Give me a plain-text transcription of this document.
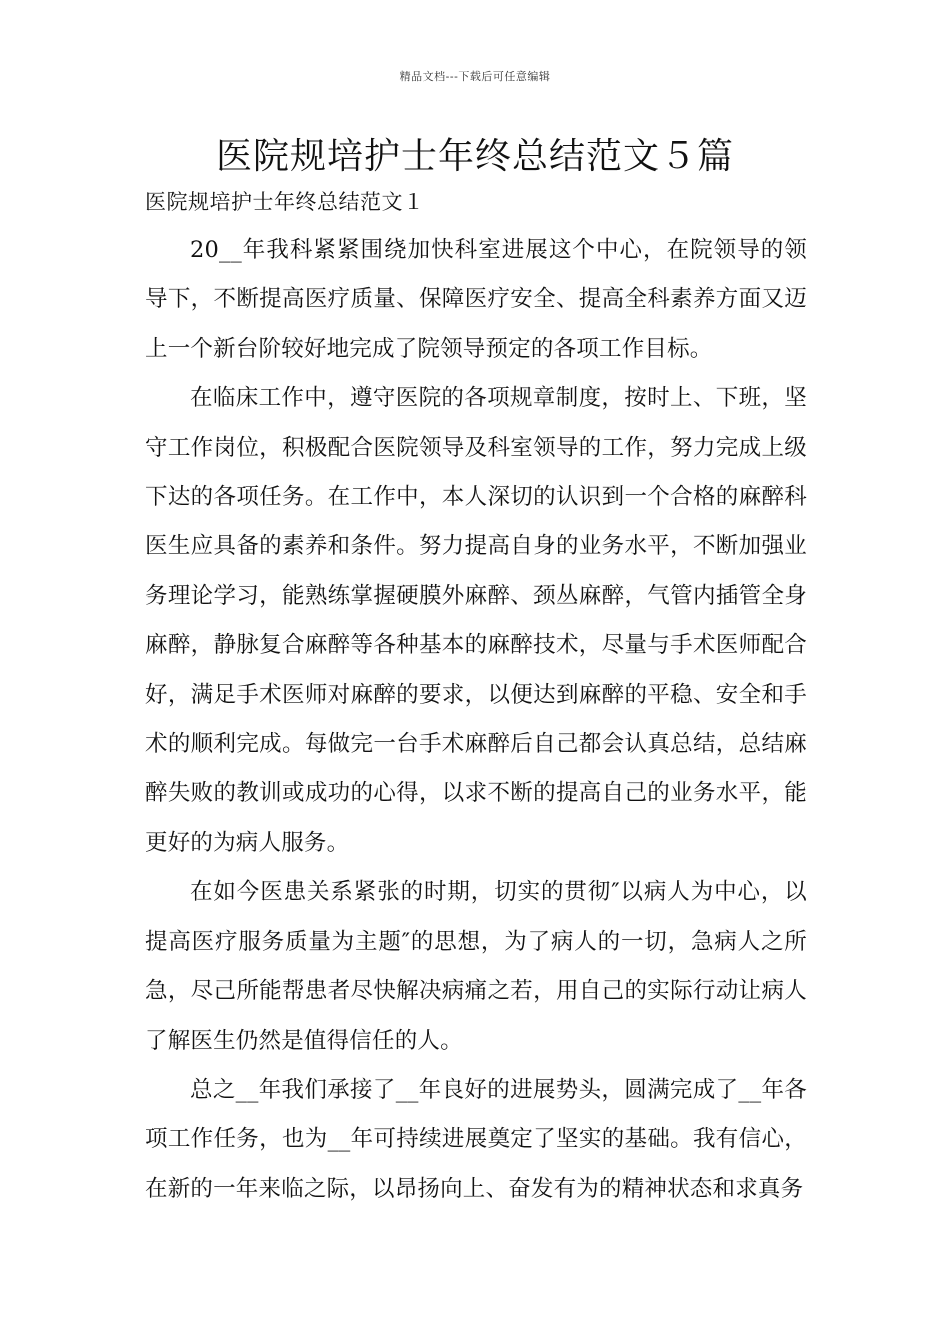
精品文档---下载后可任意编辑
医院规培护士年终总结范文５篇
医院规培护士年终总结范文１

20__年我科紧紧围绕加快科室进展这个中心，在院领导的领导下，不断提高医疗质量、保障医疗安全、提高全科素养方面又迈上一个新台阶较好地完成了院领导预定的各项工作目标。

在临床工作中，遵守医院的各项规章制度，按时上、下班，坚守工作岗位，积极配合医院领导及科室领导的工作，努力完成上级下达的各项任务。在工作中，本人深切的认识到一个合格的麻醉科医生应具备的素养和条件。努力提高自身的业务水平，不断加强业务理论学习，能熟练掌握硬膜外麻醉、颈丛麻醉，气管内插管全身麻醉，静脉复合麻醉等各种基本的麻醉技术，尽量与手术医师配合好，满足手术医师对麻醉的要求，以便达到麻醉的平稳、安全和手术的顺利完成。每做完一台手术麻醉后自己都会认真总结，总结麻醉失败的教训或成功的心得，以求不断的提高自己的业务水平，能更好的为病人服务。

在如今医患关系紧张的时期，切实的贯彻″以病人为中心，以提高医疗服务质量为主题″的思想，为了病人的一切，急病人之所急，尽己所能帮患者尽快解决病痛之若，用自己的实际行动让病人了解医生仍然是值得信任的人。

总之__年我们承接了__年良好的进展势头，圆满完成了__年各项工作任务，也为__年可持续进展奠定了坚实的基础。我有信心，在新的一年来临之际，以昂扬向上、奋发有为的精神状态和求真务
